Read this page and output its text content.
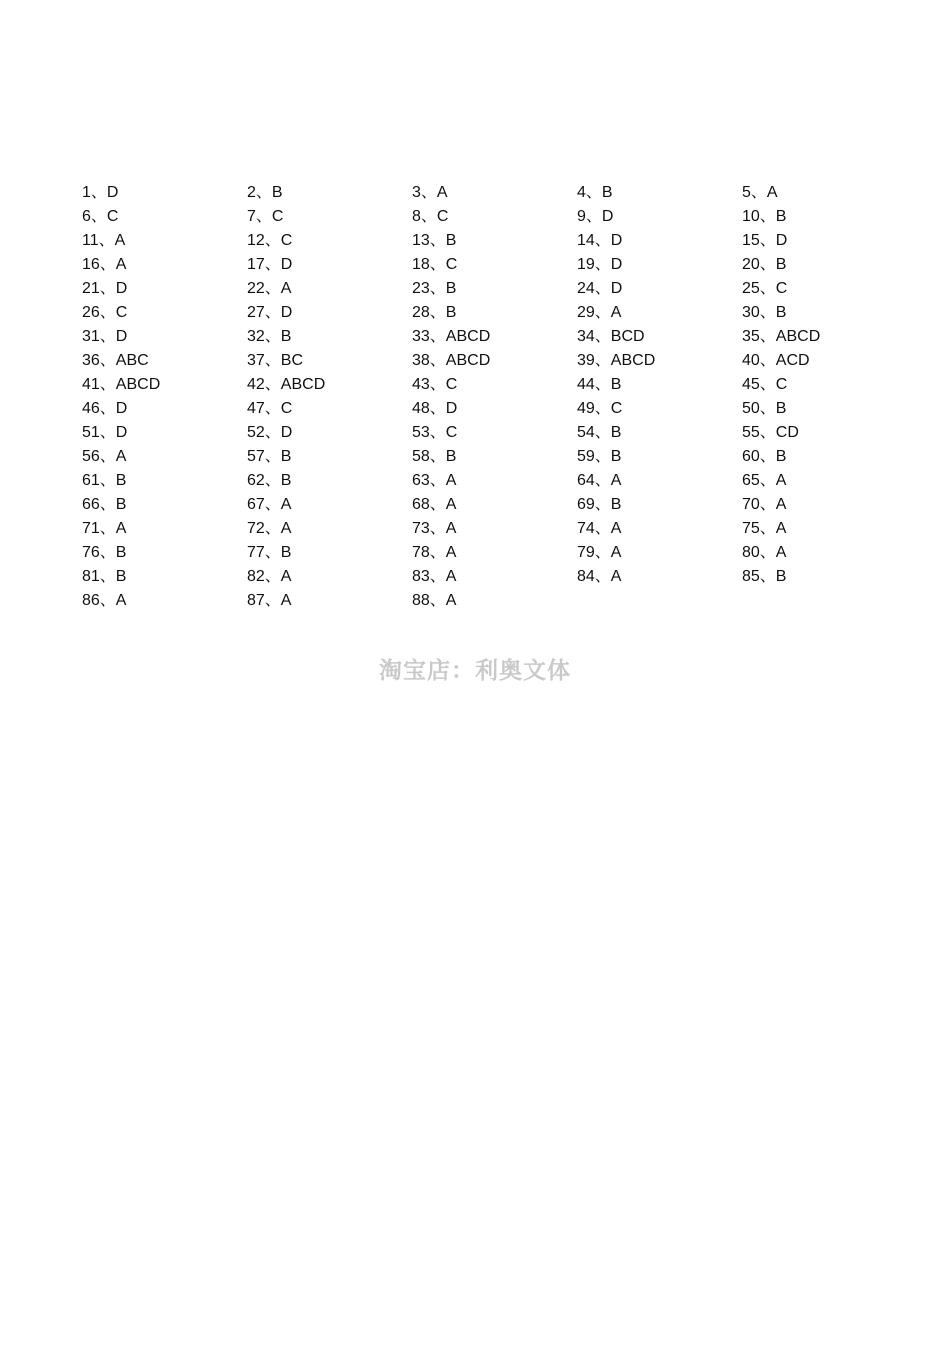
1、D	2、B	3、A	4、B	5、A
6、C	7、C	8、C	9、D	10、B
11、A	12、C	13、B	14、D	15、D
16、A	17、D	18、C	19、D	20、B
21、D	22、A	23、B	24、D	25、C
26、C	27、D	28、B	29、A	30、B
31、D	32、B	33、ABCD	34、BCD	35、ABCD
36、ABC	37、BC	38、ABCD	39、ABCD	40、ACD
41、ABCD	42、ABCD	43、C	44、B	45、C
46、D	47、C	48、D	49、C	50、B
51、D	52、D	53、C	54、B	55、CD
56、A	57、B	58、B	59、B	60、B
61、B	62、B	63、A	64、A	65、A
66、B	67、A	68、A	69、B	70、A
71、A	72、A	73、A	74、A	75、A
76、B	77、B	78、A	79、A	80、A
81、B	82、A	83、A	84、A	85、B
86、A	87、A	88、A
淘宝店：利奥文体
